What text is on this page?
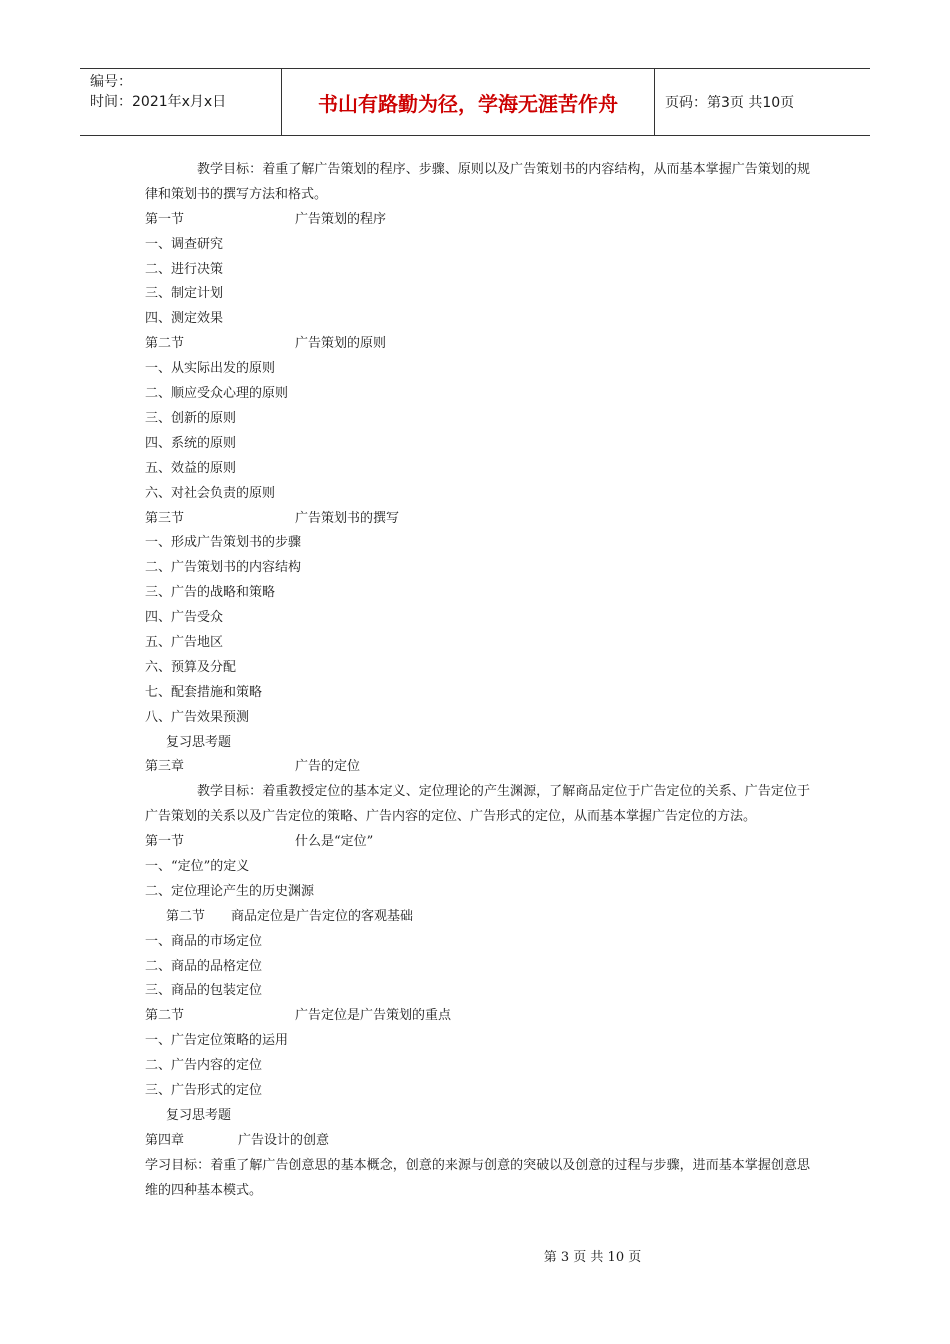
编号：
时间：2021年x月x日	书山有路勤为径，学海无涯苦作舟	页码：第3页 共10页
教学目标：着重了解广告策划的程序、步骤、原则以及广告策划书的内容结构，从而基本掌握广告策划的规律和策划书的撰写方法和格式。
第一节	广告策划的程序
一、调查研究
二、进行决策
三、制定计划
四、测定效果
第二节	广告策划的原则
一、从实际出发的原则
二、顺应受众心理的原则
三、创新的原则
四、系统的原则
五、效益的原则
六、对社会负责的原则
第三节	广告策划书的撰写
一、形成广告策划书的步骤
二、广告策划书的内容结构
三、广告的战略和策略
四、广告受众
五、广告地区
六、预算及分配
七、配套措施和策略
八、广告效果预测
复习思考题
第三章	广告的定位
教学目标：着重教授定位的基本定义、定位理论的产生渊源，了解商品定位于广告定位的关系、广告定位于广告策划的关系以及广告定位的策略、广告内容的定位、广告形式的定位，从而基本掌握广告定位的方法。
第一节	什么是“定位”
一、“定位”的定义
二、定位理论产生的历史渊源
第二节 商品定位是广告定位的客观基础
一、商品的市场定位
二、商品的品格定位
三、商品的包装定位
第二节	广告定位是广告策划的重点
一、广告定位策略的运用
二、广告内容的定位
三、广告形式的定位
复习思考题
第四章	广告设计的创意
学习目标：着重了解广告创意思的基本概念，创意的来源与创意的突破以及创意的过程与步骤，进而基本掌握创意思维的四种基本模式。
第 3 页 共 10 页
